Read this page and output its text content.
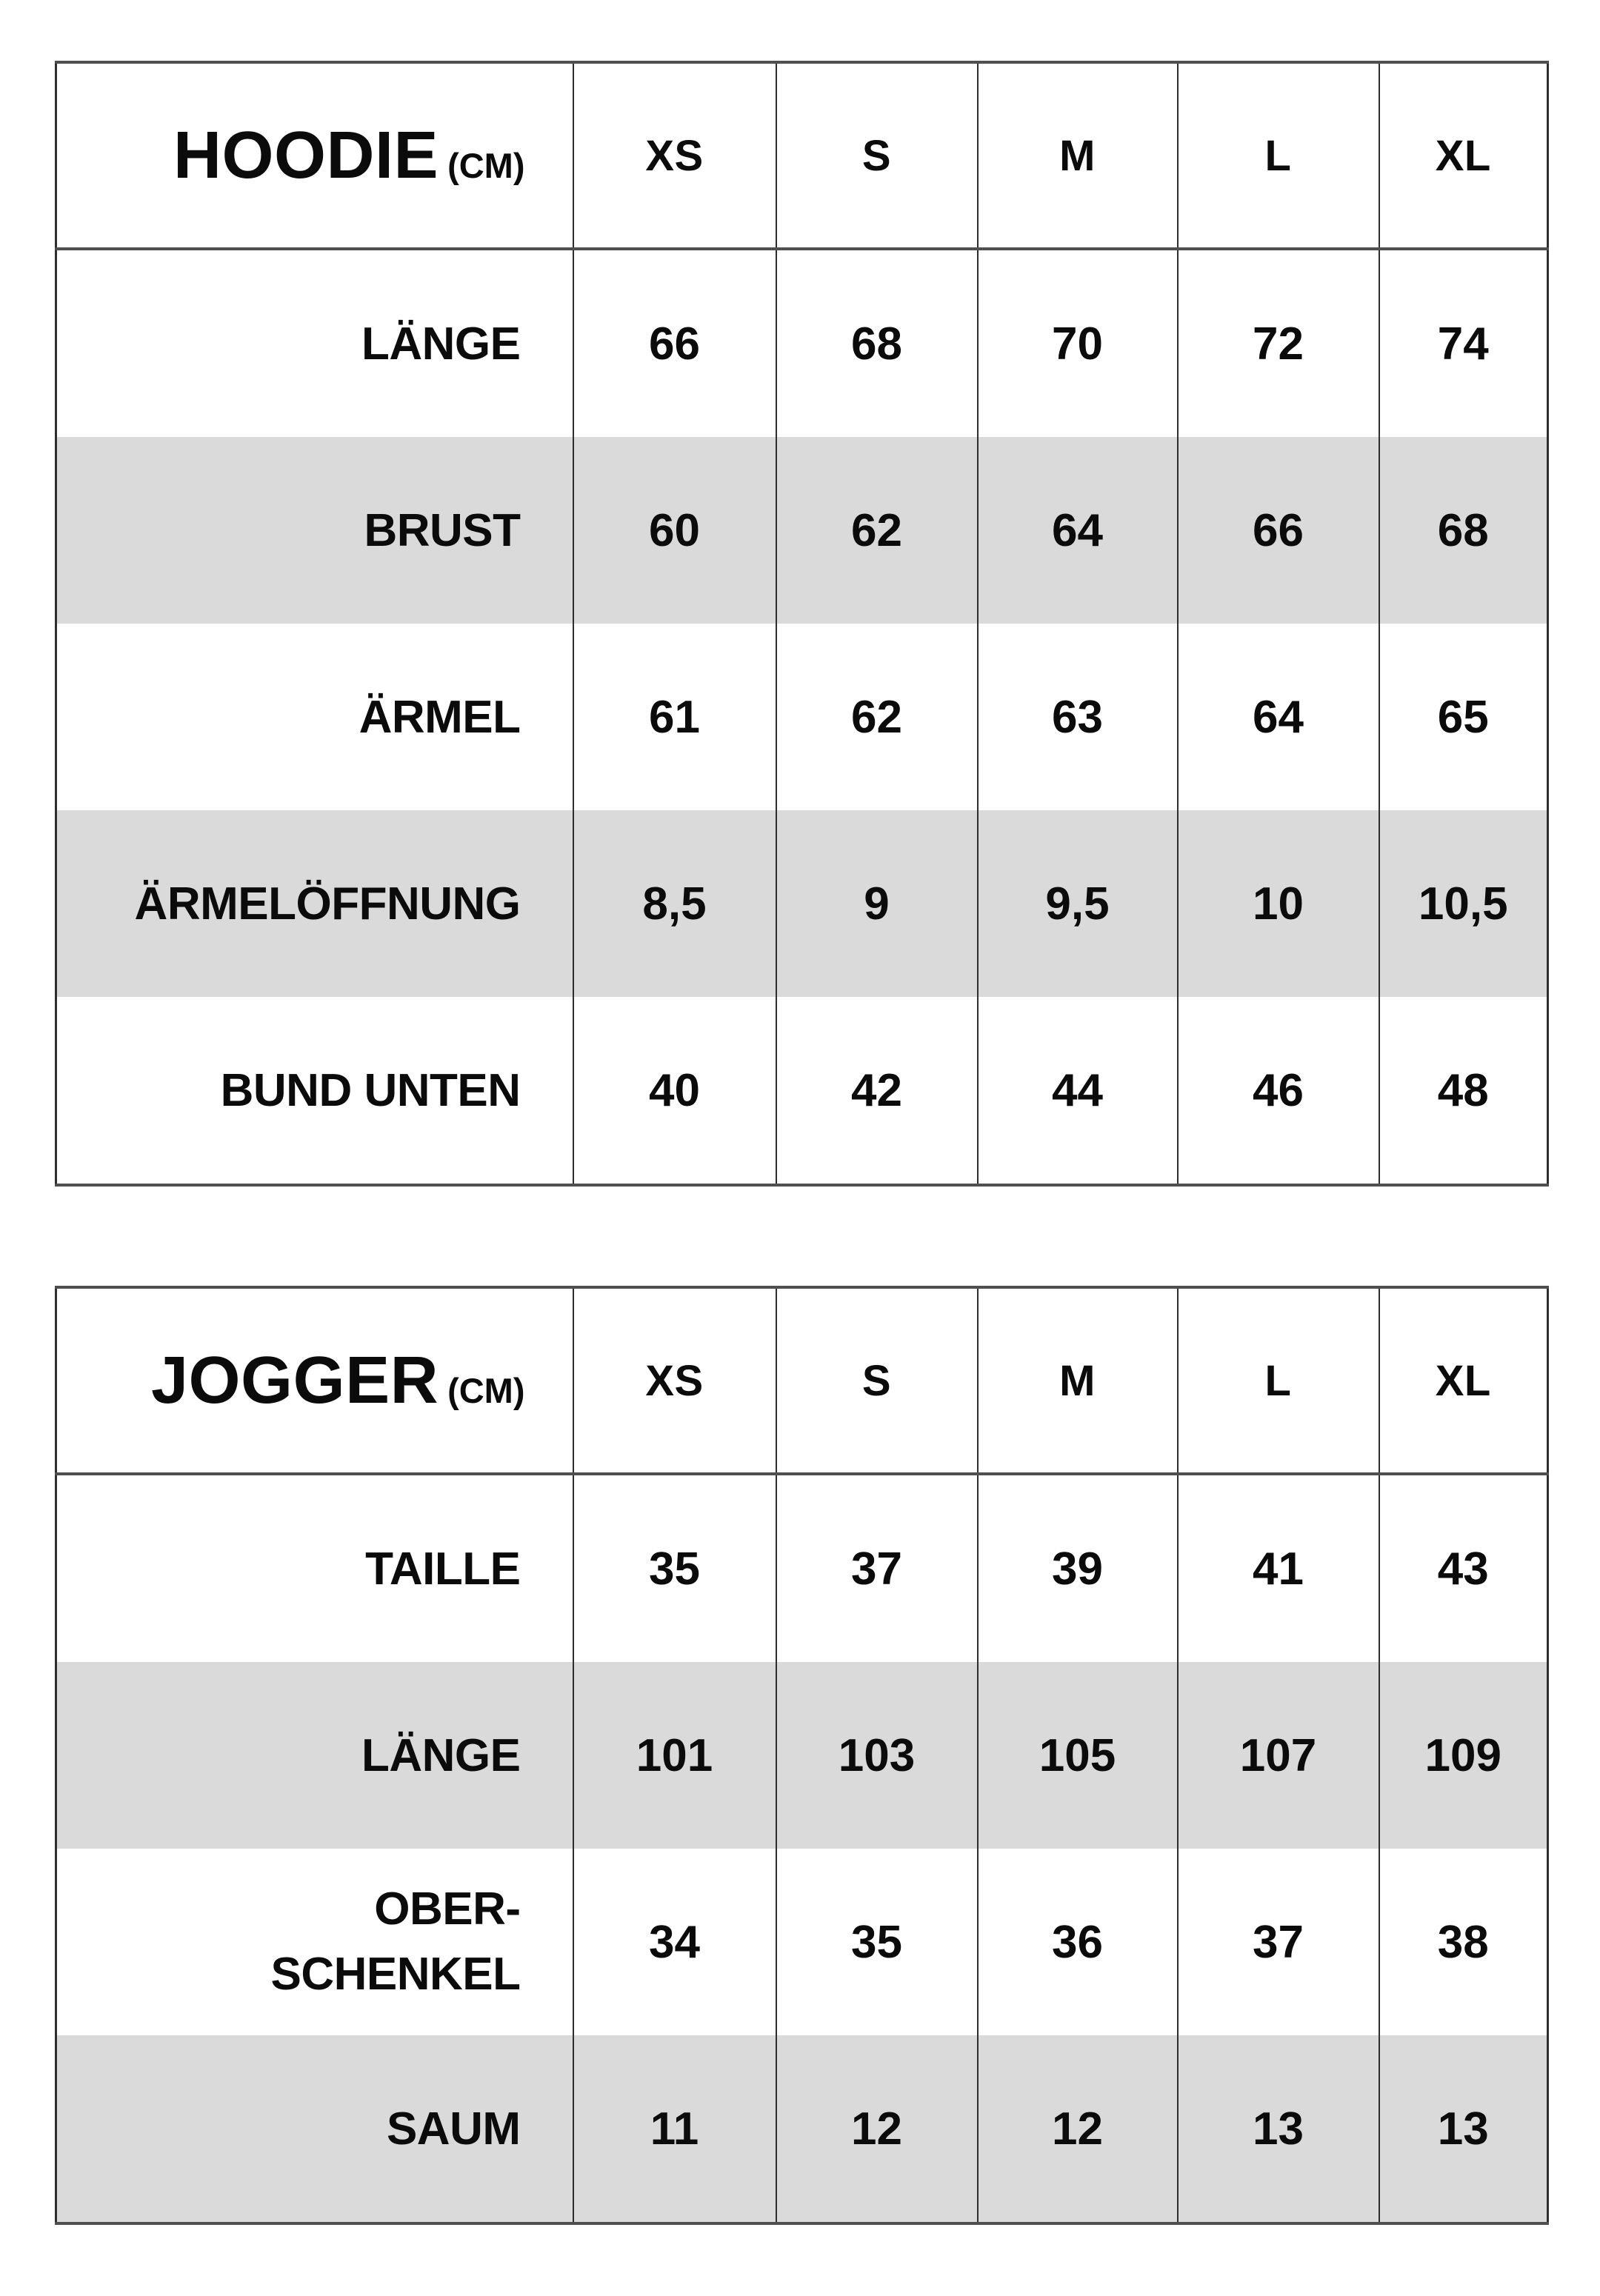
HOODIE (CM)	XS	S	M	L	XL
LÄNGE	66	68	70	72	74
BRUST	60	62	64	66	68
ÄRMEL	61	62	63	64	65
ÄRMELÖFFNUNG	8,5	9	9,5	10	10,5
BUND UNTEN	40	42	44	46	48
JOGGER (CM)	XS	S	M	L	XL
TAILLE	35	37	39	41	43
LÄNGE	101	103	105	107	109

OBER-
SCHENKEL	34	35	36	37	38
SAUM	11	12	12	13	13
